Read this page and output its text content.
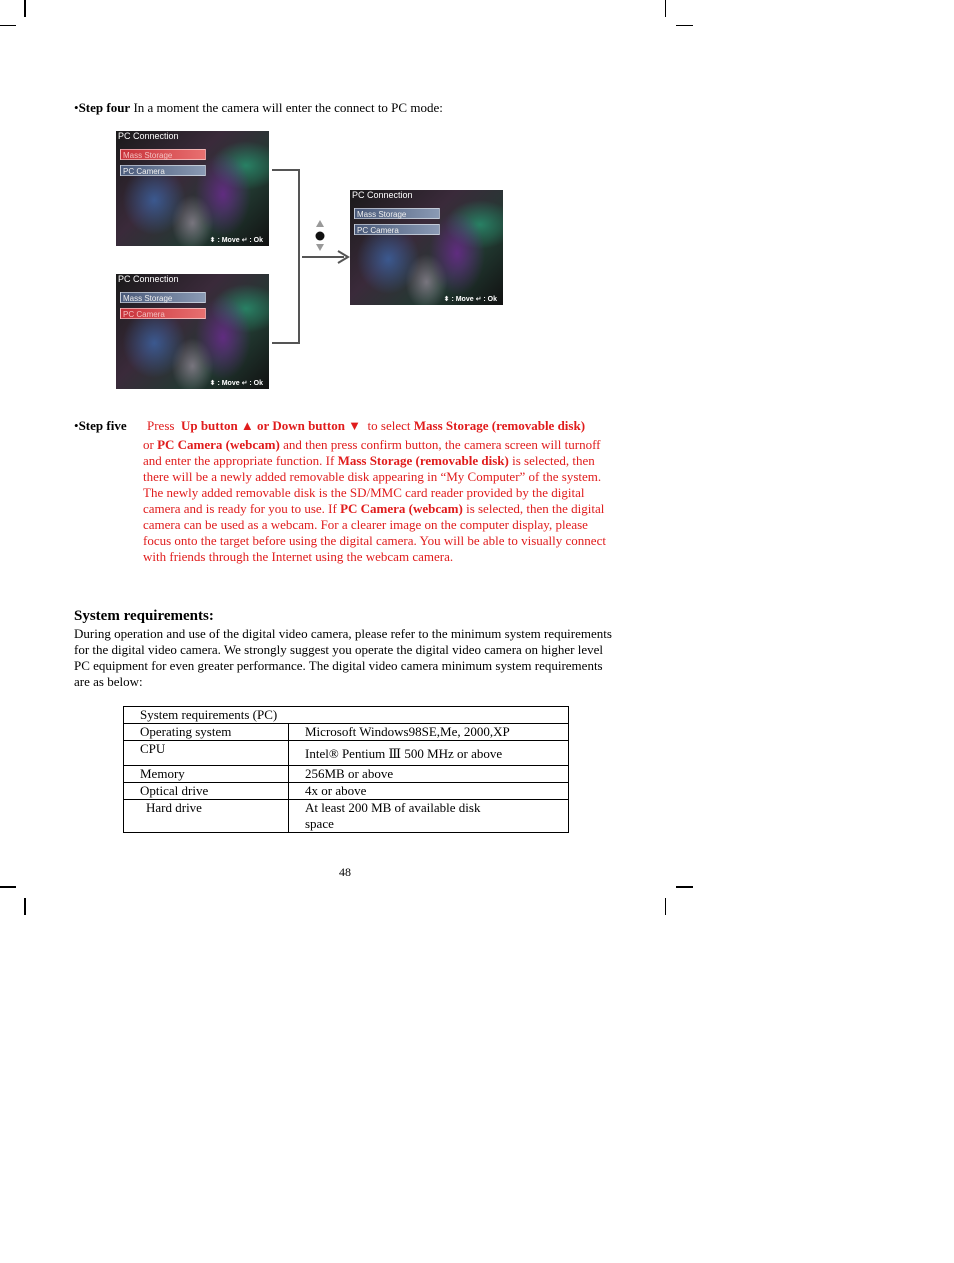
•Step four In a moment the camera will enter the connect to PC mode:
PC Connection
Mass Storage
PC Camera
⬍ : Move ↵ : Ok
PC Connection
Mass Storage
PC Camera
⬍ : Move ↵ : Ok
PC Connection
Mass Storage
PC Camera
⬍ : Move ↵ : Ok
•Step five Press Up button ▲ or Down button ▼ to select Mass Storage (removable disk)
or PC Camera (webcam) and then press confirm button, the camera screen will turnoff and enter the appropriate function. If Mass Storage (removable disk) is selected, then there will be a newly added removable disk appearing in “My Computer” of the system. The newly added removable disk is the SD/MMC card reader provided by the digital camera and is ready for you to use. If PC Camera (webcam) is selected, then the digital camera can be used as a webcam. For a clearer image on the computer display, please focus onto the target before using the digital camera. You will be able to visually connect with friends through the Internet using the webcam camera.
System requirements:
During operation and use of the digital video camera, please refer to the minimum system requirements for the digital video camera. We strongly suggest you operate the digital video camera on higher level PC equipment for even greater performance. The digital video camera minimum system requirements are as below:
System requirements (PC)	
Operating system	Microsoft Windows98SE,Me, 2000,XP
CPU	Intel® Pentium Ⅲ 500 MHz or above
Memory	256MB or above
Optical drive	4x or above
Hard drive	At least 200 MB of available disk space
48
